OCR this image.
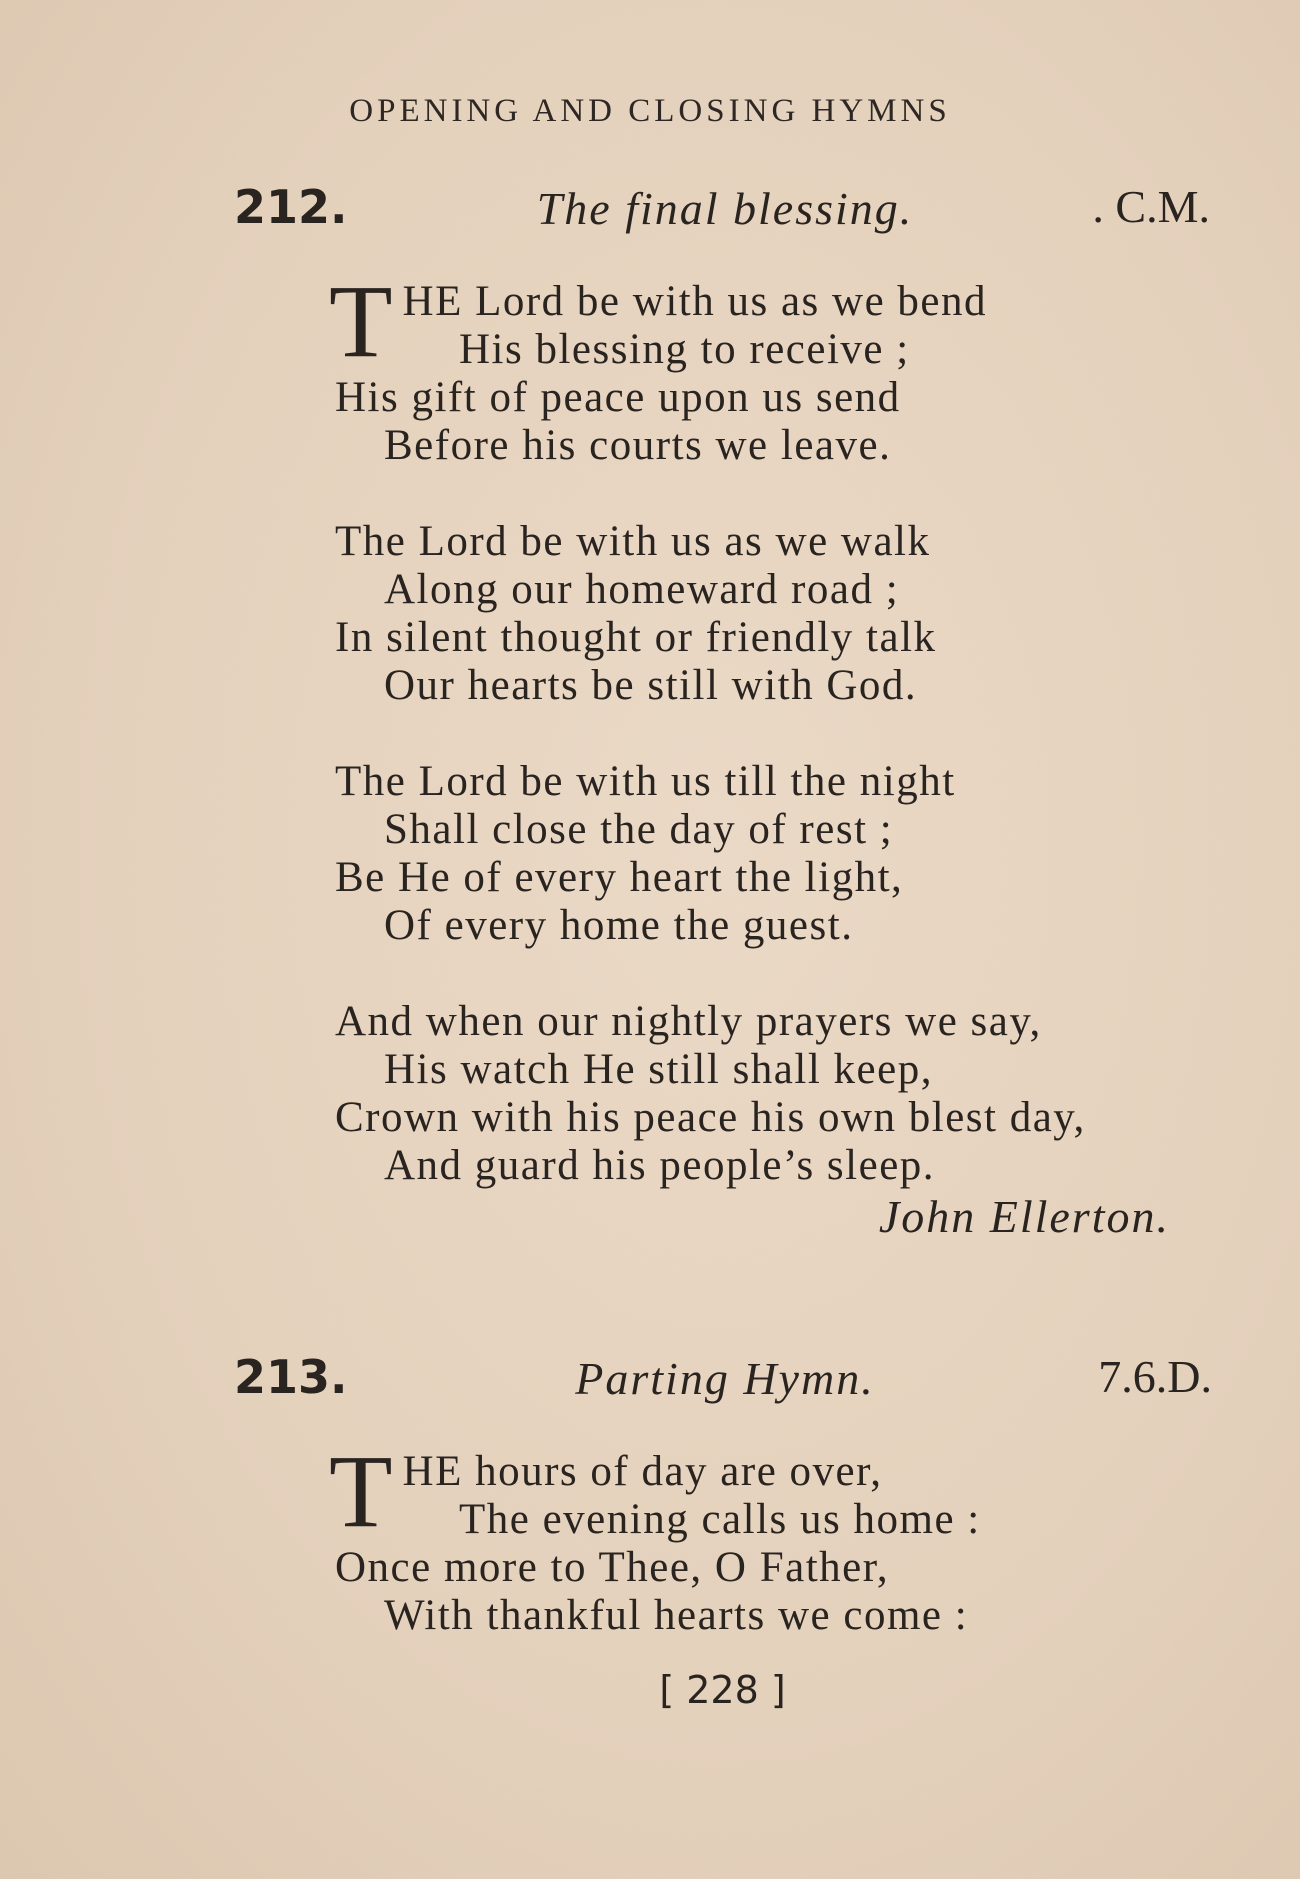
OPENING AND CLOSING HYMNS
212.	The final blessing.	. C.M.
T HE Lord be with us as we bend
His blessing to receive ;
His gift of peace upon us send
Before his courts we leave.
The Lord be with us as we walk
Along our homeward road ;
In silent thought or friendly talk
Our hearts be still with God.
The Lord be with us till the night
Shall close the day of rest ;
Be He of every heart the light,
Of every home the guest.
And when our nightly prayers we say,
His watch He still shall keep,
Crown with his peace his own blest day,
And guard his people’s sleep.
John Ellerton.
213.	Parting Hymn.	7.6.D.
T HE hours of day are over,
The evening calls us home :
Once more to Thee, O Father,
With thankful hearts we come :
[ 228 ]
